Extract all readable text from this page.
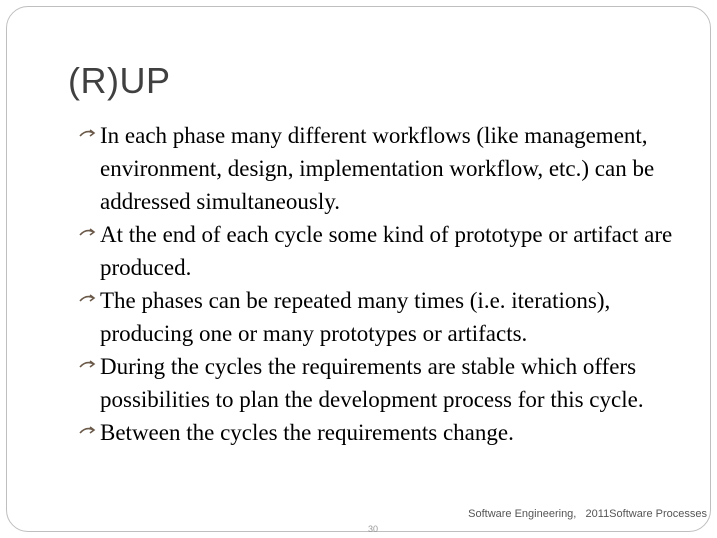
(R)UP
In each phase many different workflows (like management, environment, design, implementation workflow, etc.) can be addressed simultaneously.
At the end of each cycle some kind of prototype or artifact are produced.
The phases can be repeated many times (i.e. iterations), producing one or many prototypes or artifacts.
During the cycles the requirements are stable which offers possibilities to plan the development process for this cycle.
Between the cycles the requirements change.
Software Engineering,   2011Software Processes
30
